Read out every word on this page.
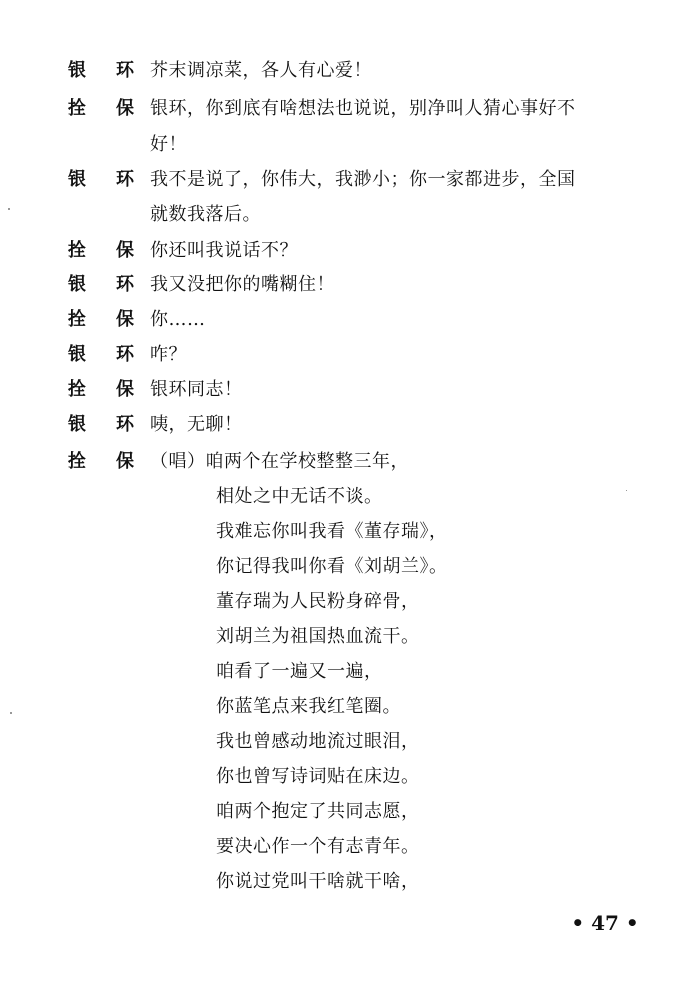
银 环 芥末调凉菜，各人有心爱！
拴 保 银环，你到底有啥想法也说说，别净叫人猜心事好不
好！
银 环 我不是说了，你伟大，我渺小；你一家都进步，全国
就数我落后。
拴 保 你还叫我说话不？
银 环 我又没把你的嘴糊住！
拴 保 你……
银 环 咋？
拴 保 银环同志！
银 环 咦，无聊！
拴 保 （唱）咱两个在学校整整三年，
相处之中无话不谈。
我难忘你叫我看《董存瑞》，
你记得我叫你看《刘胡兰》。
董存瑞为人民粉身碎骨，
刘胡兰为祖国热血流干。
咱看了一遍又一遍，
你蓝笔点来我红笔圈。
我也曾感动地流过眼泪，
你也曾写诗词贴在床边。
咱两个抱定了共同志愿，
要决心作一个有志青年。
你说过党叫干啥就干啥，
• 47 •
